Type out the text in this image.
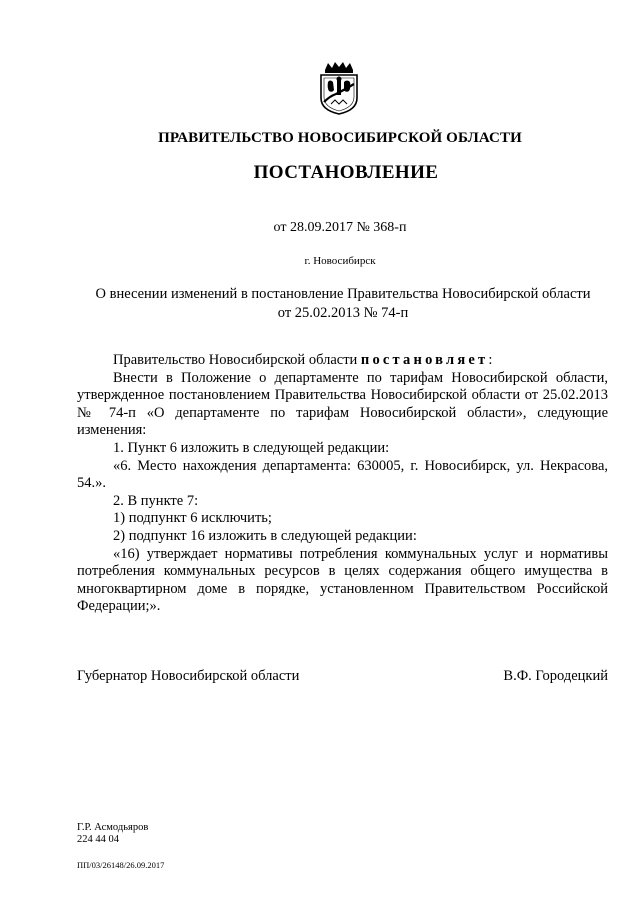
ПРАВИТЕЛЬСТВО НОВОСИБИРСКОЙ ОБЛАСТИ
ПОСТАНОВЛЕНИЕ
от 28.09.2017 № 368-п
г. Новосибирск
О внесении изменений в постановление Правительства Новосибирской области
от 25.02.2013 № 74-п

Правительство Новосибирской области постановляет:

Внести в Положение о департаменте по тарифам Новосибирской области, утвержденное постановлением Правительства Новосибирской области от 25.02.2013 № 74-п «О департаменте по тарифам Новосибирской области», следующие изменения:

1. Пункт 6 изложить в следующей редакции:

«6. Место нахождения департамента: 630005, г. Новосибирск, ул. Некрасова, 54.».

2. В пункте 7:

1) подпункт 6 исключить;

2) подпункт 16 изложить в следующей редакции:

«16) утверждает нормативы потребления коммунальных услуг и нормативы потребления коммунальных ресурсов в целях содержания общего имущества в многоквартирном доме в порядке, установленном Правительством Российской Федерации;».

Губернатор Новосибирской области	В.Ф. Городецкий
Г.Р. Асмодьяров
224 44 04
ПП/03/26148/26.09.2017
